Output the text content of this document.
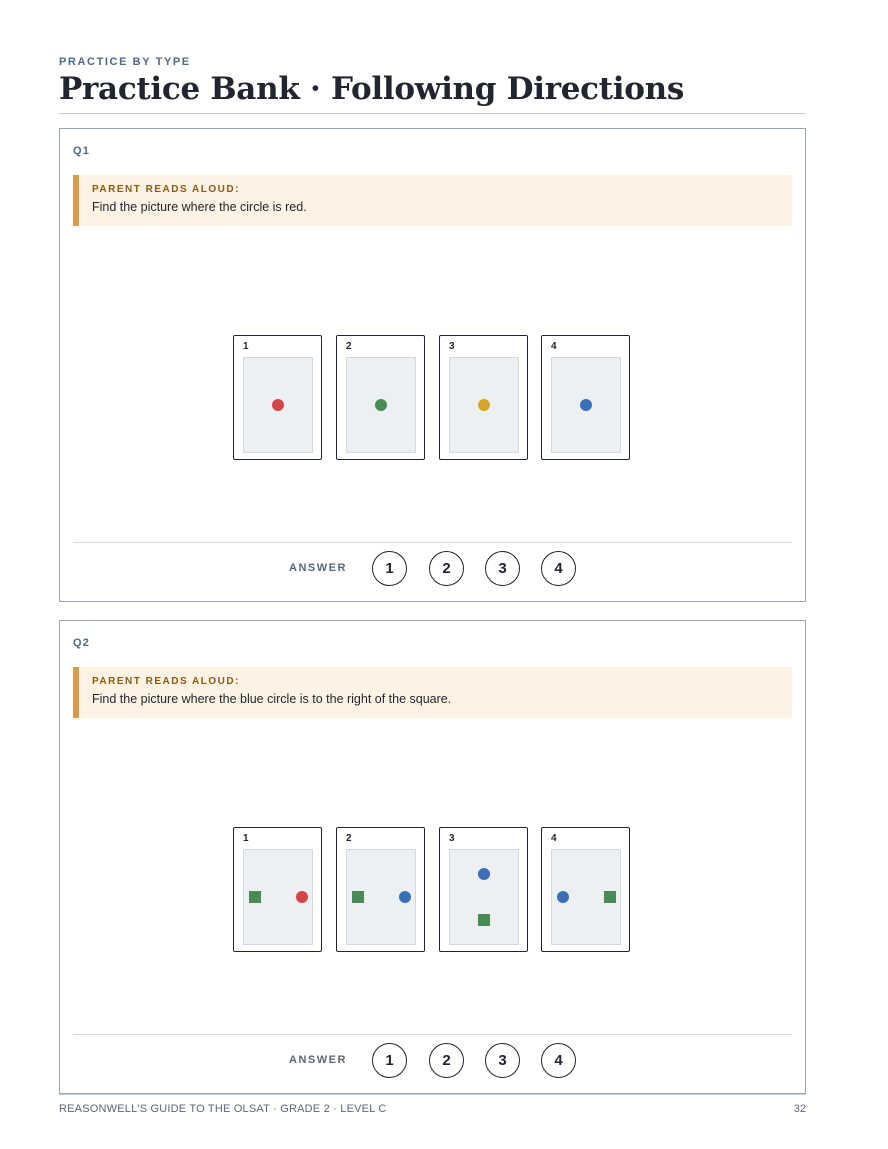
PRACTICE BY TYPE
Practice Bank · Following Directions
Q1
PARENT READS ALOUD:
Find the picture where the circle is red.
1	2	3	4
ANSWER	1	2	3	4
Q2
PARENT READS ALOUD:
Find the picture where the blue circle is to the right of the square.
1	2	3	4
ANSWER	1	2	3	4
REASONWELL'S GUIDE TO THE OLSAT · GRADE 2 · LEVEL C	32
